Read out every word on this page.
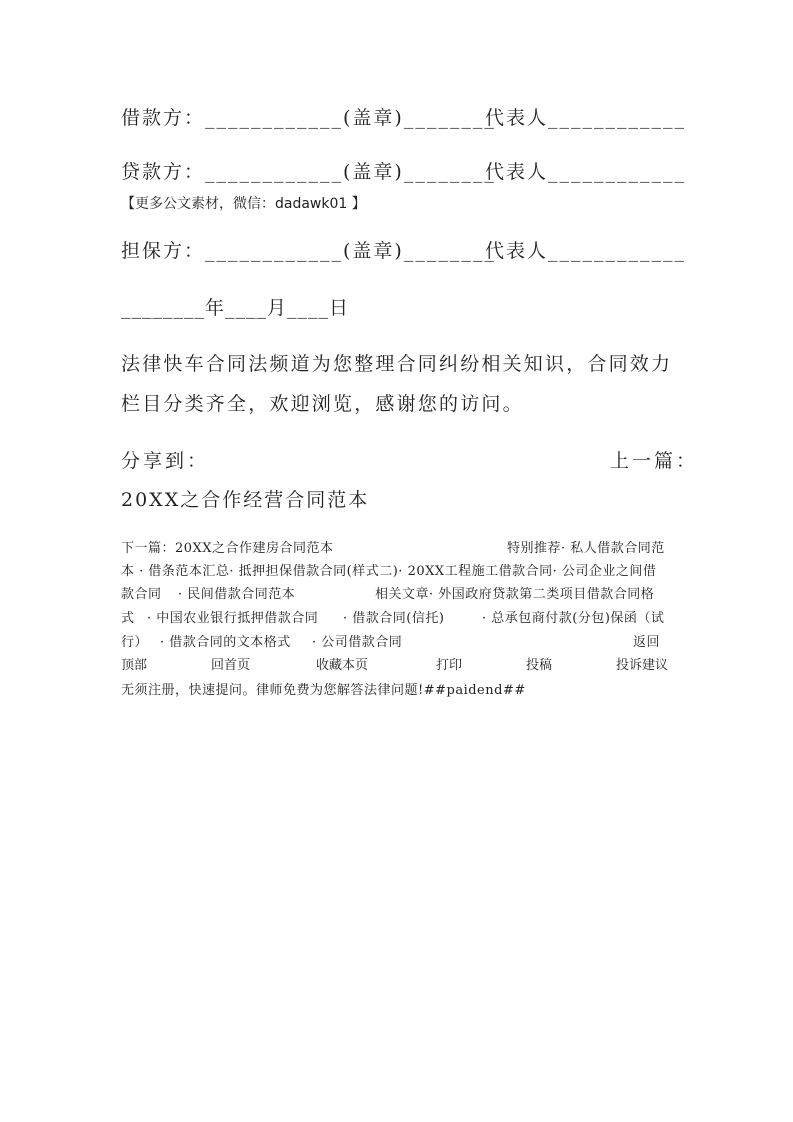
借款方：____________(盖章)________
代表人____________
贷款方：____________(盖章)________
代表人____________
【更多公文素材，微信：dadawk01 】
担保方：____________(盖章)________
代表人____________
________年____月____日
法律快车合同法频道为您整理合同纠纷相关知识，合同效力
栏目分类齐全，欢迎浏览，感谢您的访问。
分享到：	上一篇：
20XX之合作经营合同范本
下一篇：20XX之合作建房合同范本	特别推荐· 私人借款合同范
本 · 借条范本汇总· 抵押担保借款合同(样式二)· 20XX工程施工借款合同· 公司企业之间借
款合同 · 民间借款合同范本	相关文章· 外国政府贷款第二类项目借款合同格
式 · 中国农业银行抵押借款合同 · 借款合同(信托)	· 总承包商付款(分包)保函（试
行） · 借款合同的文本格式 · 公司借款合同	返回
顶部	回首页	收藏本页	打印	投稿	投诉建议
无须注册，快速提问。律师免费为您解答法律问题!##paidend##
